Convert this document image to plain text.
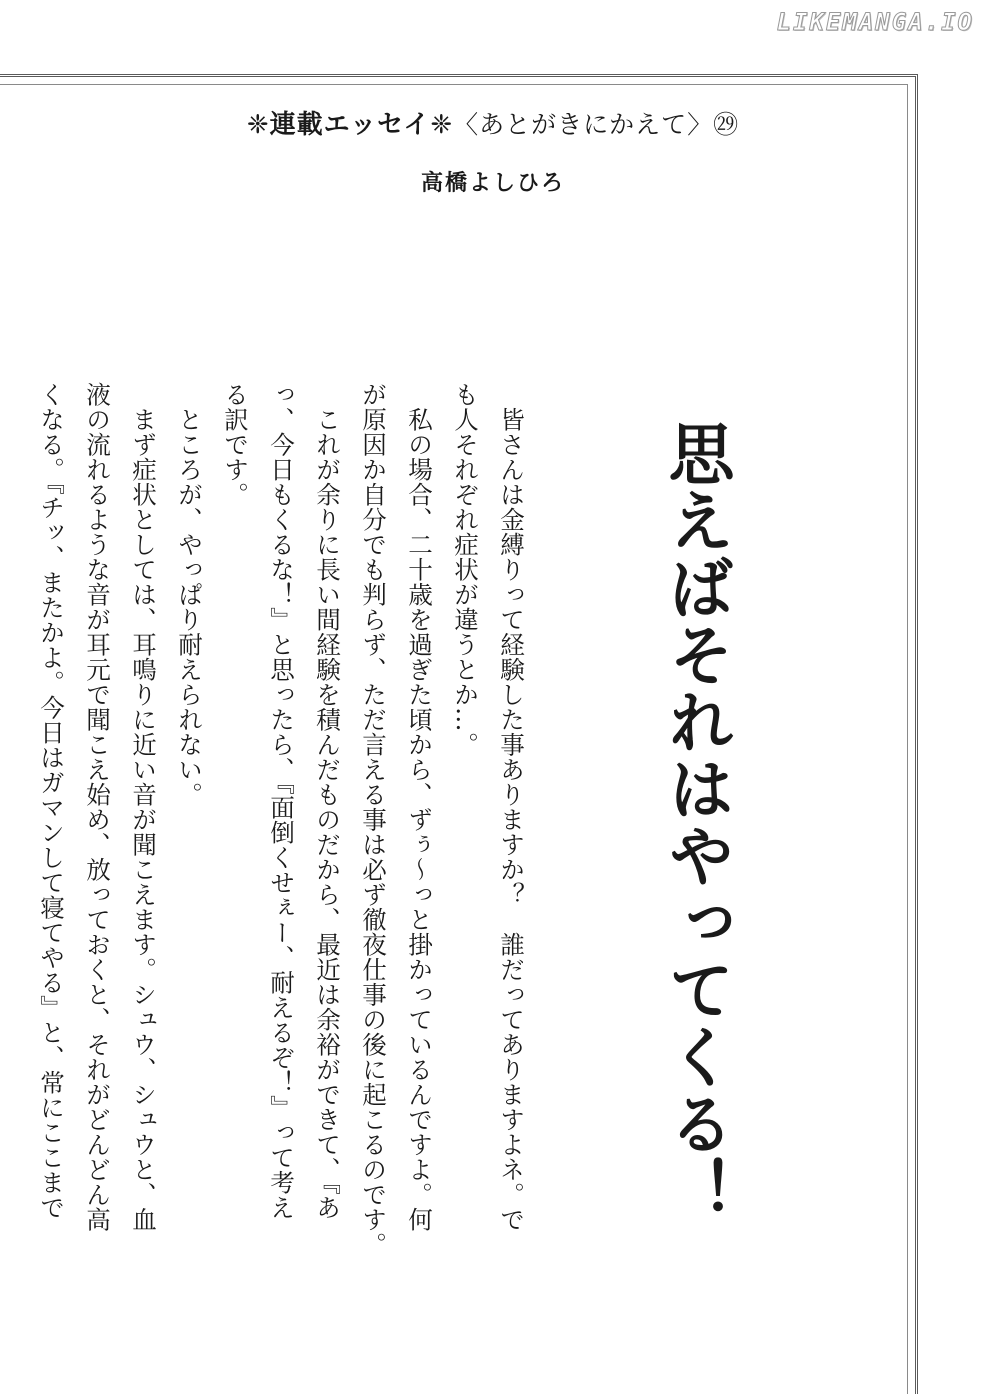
LIKEMANGA.IO
❈連載エッセイ❈〈あとがきにかえて〉㉙
高橋よしひろ
思えばそれはやってくる！
　皆さんは金縛りって経験した事ありますか？　誰だってありますよネ。で
も人それぞれ症状が違うとか…。
　私の場合、二十歳を過ぎた頃から、ずぅ～っと掛かっているんですよ。何
が原因か自分でも判らず、ただ言える事は必ず徹夜仕事の後に起こるのです。
　これが余りに長い間経験を積んだものだから、最近は余裕ができて、『あ
っ、今日もくるな！』と思ったら、『面倒くせぇー、耐えるぞ！』って考え
る訳です。
　ところが、やっぱり耐えられない。
　まず症状としては、耳鳴りに近い音が聞こえます。シュウ、シュウと、血
液の流れるような音が耳元で聞こえ始め、放っておくと、それがどんどん高
くなる。『チッ、またかよ。今日はガマンして寝てやる』と、常にここまで
